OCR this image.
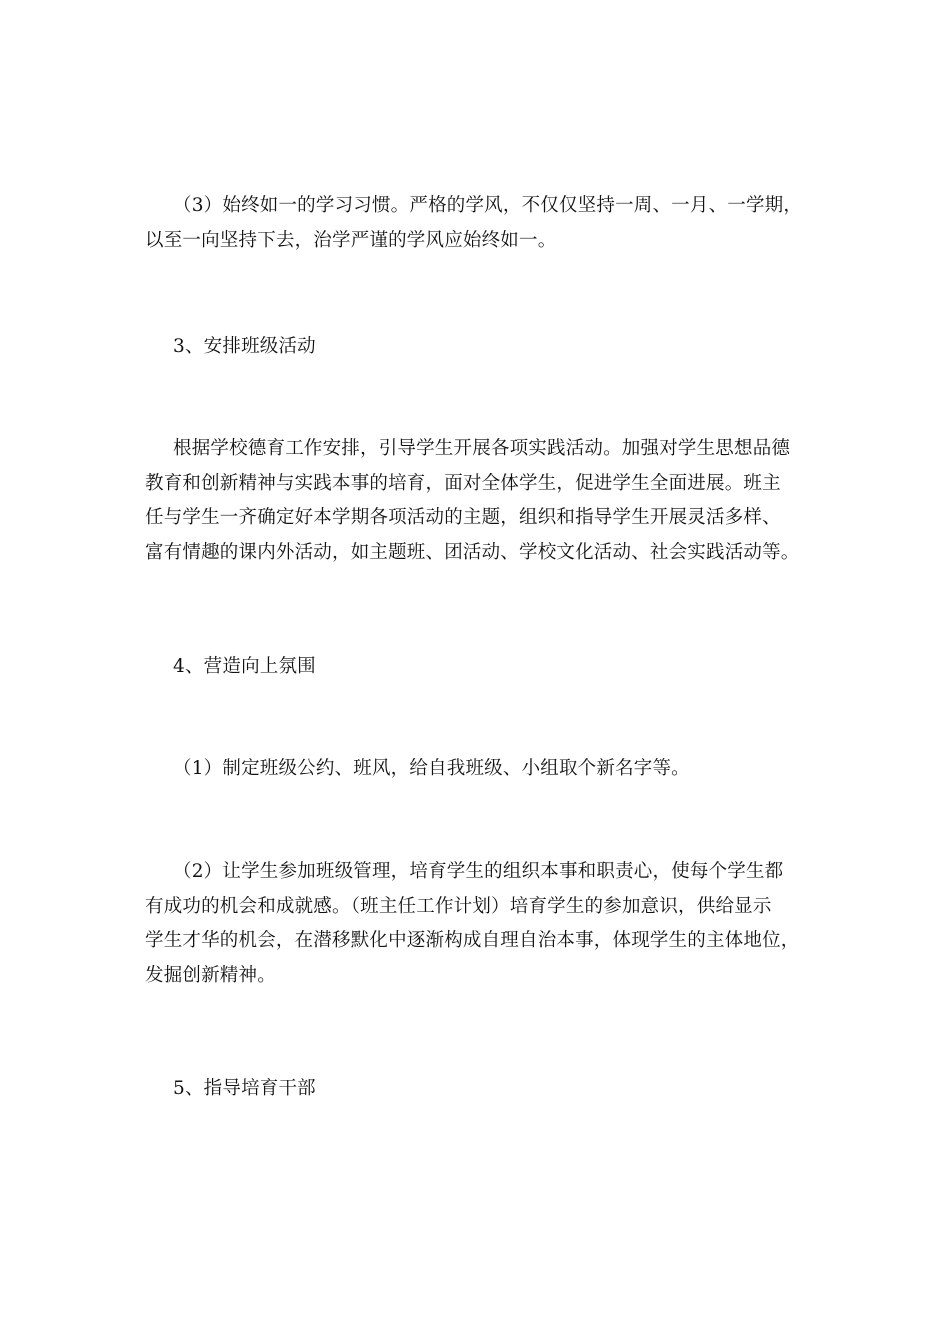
（3）始终如一的学习习惯。严格的学风，不仅仅坚持一周、一月、一学期，
以至一向坚持下去，治学严谨的学风应始终如一。

3、安排班级活动

根据学校德育工作安排，引导学生开展各项实践活动。加强对学生思想品德
教育和创新精神与实践本事的培育，面对全体学生，促进学生全面进展。班主
任与学生一齐确定好本学期各项活动的主题，组织和指导学生开展灵活多样、
富有情趣的课内外活动，如主题班、团活动、学校文化活动、社会实践活动等。

4、营造向上氛围

（1）制定班级公约、班风，给自我班级、小组取个新名字等。

（2）让学生参加班级管理，培育学生的组织本事和职责心，使每个学生都
有成功的机会和成就感。（班主任工作计划）培育学生的参加意识，供给显示
学生才华的机会，在潜移默化中逐渐构成自理自治本事，体现学生的主体地位，
发掘创新精神。

5、指导培育干部
